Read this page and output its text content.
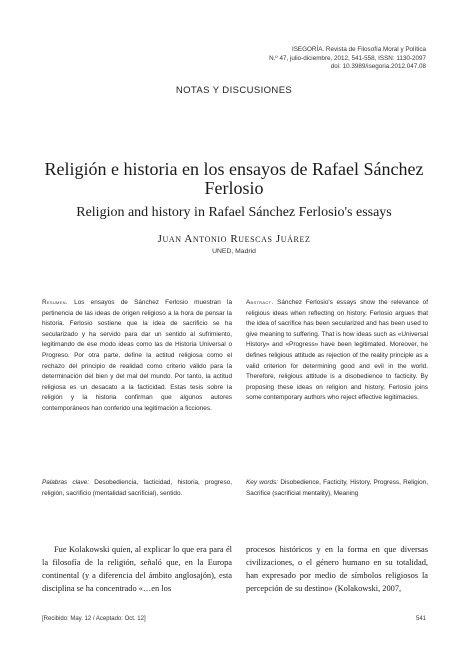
ISEGORÍA. Revista de Filosofía Moral y Política
N.º 47, julio-diciembre, 2012, 541-558, ISSN: 1130-2097
doi: 10.3989/isegoria.2012.047.08
NOTAS Y DISCUSIONES
Religión e historia en los ensayos de Rafael Sánchez Ferlosio
Religion and history in Rafael Sánchez Ferlosio's essays
Juan Antonio Ruescas Juárez
UNED, Madrid
Resumen. Los ensayos de Sánchez Ferlosio muestran la pertinencia de las ideas de origen religioso a la hora de pensar la historia. Ferlosio sostiene que la idea de sacrificio se ha secularizado y ha servido para dar un sentido al sufrimiento, legitimando de ese modo ideas como las de Historia Universal o Progreso. Por otra parte, define la actitud religiosa como el rechazo del principio de realidad como criterio válido para la determinación del bien y del mal del mundo. Por tanto, la actitud religiosa es un desacato a la facticidad. Estas tesis sobre la religión y la historia confirman que algunos autores contemporáneos han conferido una legitimación a ficciones.
Abstract. Sánchez Ferlosio's essays show the relevance of religious ideas when reflecting on history. Ferlosio argues that the idea of sacrifice has been secularized and has been used to give meaning to suffering. That is how ideas such as «Universal History» and «Progress» have been legitimated. Moreover, he defines religious attitude as rejection of the reality principle as a valid criterion for determining good and evil in the world. Therefore, religious attitude is a disobedience to facticity. By proposing these ideas on religion and history, Ferlosio joins some contemporary authors who reject effective legitimacies.
Palabras clave: Desobediencia, facticidad, historia, progreso, religión, sacrificio (mentalidad sacrificial), sentido.
Key words: Disobedience, Facticity, History, Progress, Religion, Sacrifice (sacrificial mentality), Meaning
Fue Kolakowski quien, al explicar lo que era para él la filosofía de la religión, señaló que, en la Europa continental (y a diferencia del ámbito anglosajón), esta disciplina se ha concentrado «…en los
procesos históricos y en la forma en que diversas civilizaciones, o el género humano en su totalidad, han expresado por medio de símbolos religiosos la percepción de su destino» (Kolakowski, 2007,
[Recibido: May. 12 / Aceptado: Oct. 12]	541
